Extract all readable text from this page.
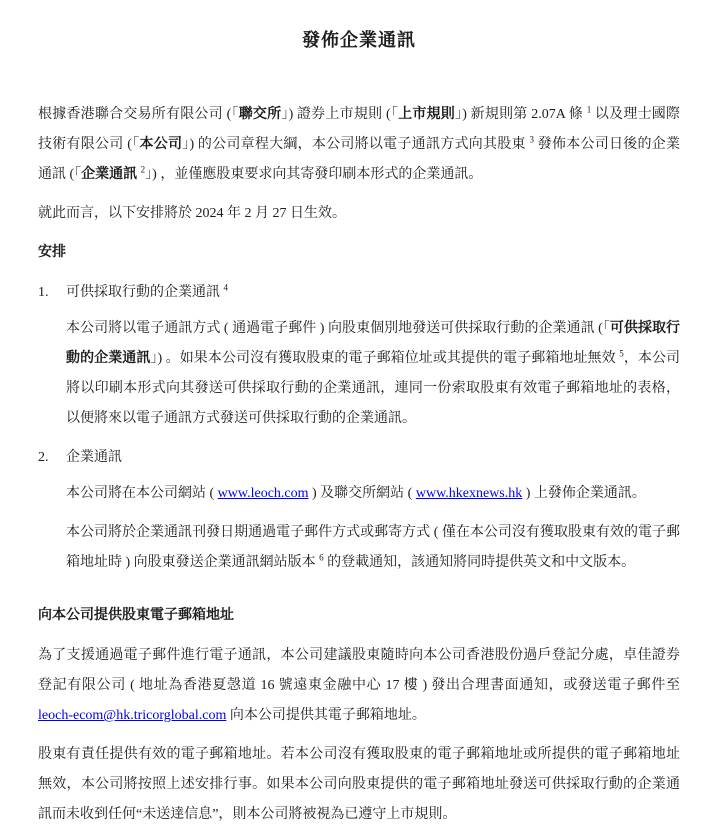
發佈企業通訊

根據香港聯合交易所有限公司 (「聯交所」) 證券上市規則 (「上市規則」) 新規則第 2.07A 條 $^1$ 以及理士國際技術有限公司 (「本公司」) 的公司章程大綱，本公司將以電子通訊方式向其股東 $^3$ 發佈本公司日後的企業通訊 (「企業通訊 $^2$」) ，並僅應股東要求向其寄發印刷本形式的企業通訊。

就此而言，以下安排將於 2024 年 2 月 27 日生效。

安排
1.	可供採取行動的企業通訊 $^4$

本公司將以電子通訊方式 ( 通過電子郵件 ) 向股東個別地發送可供採取行動的企業通訊 (「可供採取行動的企業通訊」) 。如果本公司沒有獲取股東的電子郵箱位址或其提供的電子郵箱地址無效 $^5$，本公司將以印刷本形式向其發送可供採取行動的企業通訊，連同一份索取股東有效電子郵箱地址的表格，以便將來以電子通訊方式發送可供採取行動的企業通訊。

2.	企業通訊

本公司將在本公司網站 ( www.leoch.com ) 及聯交所網站 ( www.hkexnews.hk ) 上發佈企業通訊。

本公司將於企業通訊刊發日期通過電子郵件方式或郵寄方式 ( 僅在本公司沒有獲取股東有效的電子郵箱地址時 ) 向股東發送企業通訊網站版本 $^6$ 的登載通知，該通知將同時提供英文和中文版本。

向本公司提供股東電子郵箱地址

為了支援通過電子郵件進行電子通訊，本公司建議股東隨時向本公司香港股份過戶登記分處，卓佳證券登記有限公司 ( 地址為香港夏愨道 16 號遠東金融中心 17 樓 ) 發出合理書面通知，或發送電子郵件至 leoch-ecom@hk.tricorglobal.com 向本公司提供其電子郵箱地址。

股東有責任提供有效的電子郵箱地址。若本公司沒有獲取股東的電子郵箱地址或所提供的電子郵箱地址無效，本公司將按照上述安排行事。如果本公司向股東提供的電子郵箱地址發送可供採取行動的企業通訊而未收到任何“未送達信息”，則本公司將被視為已遵守上市規則。
